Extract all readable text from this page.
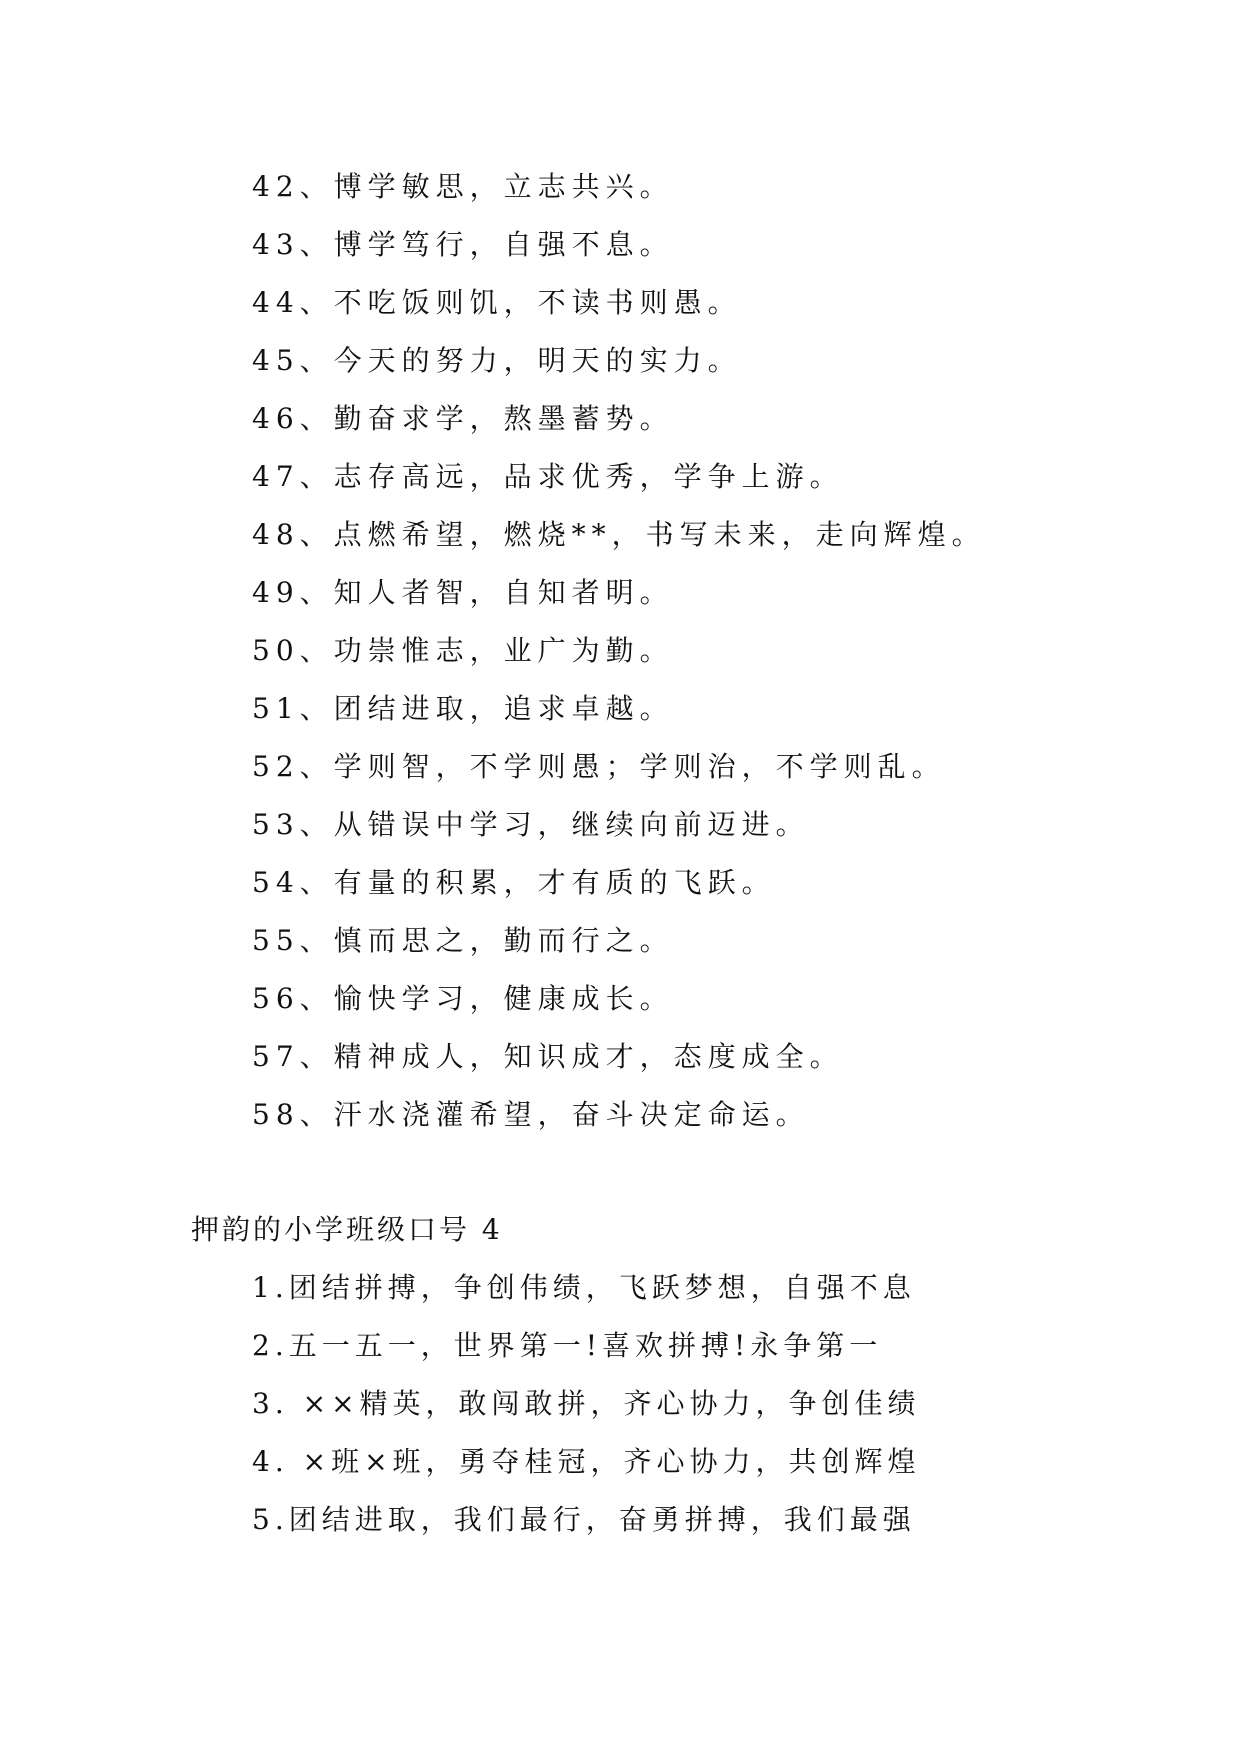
42、博学敏思，立志共兴。
43、博学笃行，自强不息。
44、不吃饭则饥，不读书则愚。
45、今天的努力，明天的实力。
46、勤奋求学，熬墨蓄势。
47、志存高远，品求优秀，学争上游。
48、点燃希望，燃烧**，书写未来，走向辉煌。
49、知人者智，自知者明。
50、功崇惟志，业广为勤。
51、团结进取，追求卓越。
52、学则智，不学则愚；学则治，不学则乱。
53、从错误中学习，继续向前迈进。
54、有量的积累，才有质的飞跃。
55、慎而思之，勤而行之。
56、愉快学习，健康成长。
57、精神成人，知识成才，态度成全。
58、汗水浇灌希望，奋斗决定命运。
押韵的小学班级口号 4
1.团结拼搏，争创伟绩，飞跃梦想，自强不息
2.五一五一，世界第一!喜欢拼搏!永争第一
3. ××精英，敢闯敢拼，齐心协力，争创佳绩
4. ×班×班，勇夺桂冠，齐心协力，共创辉煌
5.团结进取，我们最行，奋勇拼搏，我们最强
